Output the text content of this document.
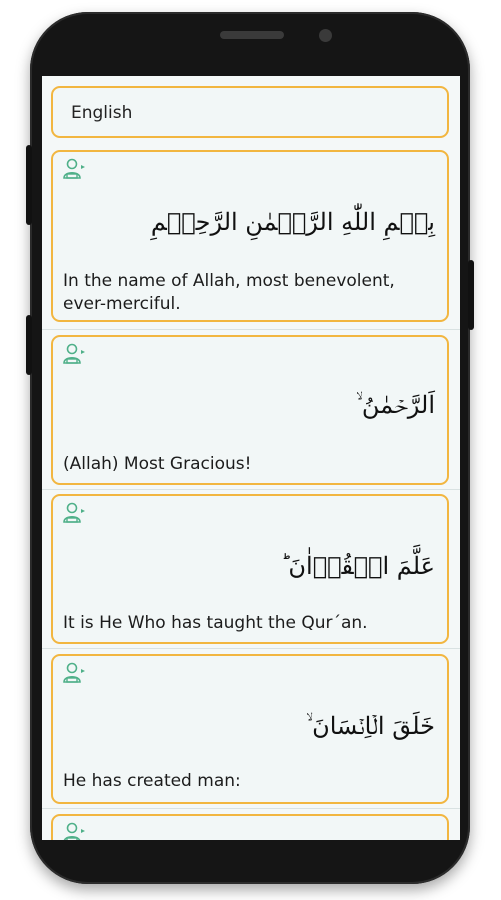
English
بِسۡمِ اللّٰهِ الرَّحۡمٰنِ الرَّحِيۡمِ
In the name of Allah, most benevolent, ever-merciful.
اَلرَّحۡمٰنُ ۙ
(Allah) Most Gracious!
عَلَّمَ الۡقُرۡاٰنَ ؕ
It is He Who has taught the Qur´an.
خَلَقَ الۡاِنۡسَانَ ۙ
He has created man:
